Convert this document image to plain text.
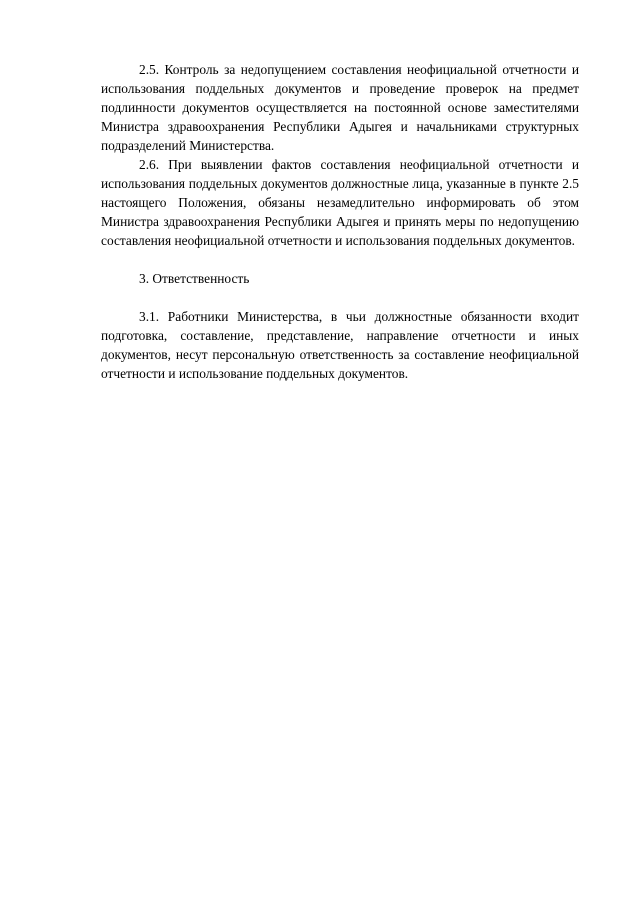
2.5. Контроль за недопущением составления неофициальной отчетности и использования поддельных документов и проведение проверок на предмет подлинности документов осуществляется на постоянной основе заместителями Министра здравоохранения Республики Адыгея и начальниками структурных подразделений Министерства.

2.6. При выявлении фактов составления неофициальной отчетности и использования поддельных документов должностные лица, указанные в пункте 2.5 настоящего Положения, обязаны незамедлительно информировать об этом Министра здравоохранения Республики Адыгея и принять меры по недопущению составления неофициальной отчетности и использования поддельных документов.

3. Ответственность

3.1. Работники Министерства, в чьи должностные обязанности входит подготовка, составление, представление, направление отчетности и иных документов, несут персональную ответственность за составление неофициальной отчетности и использование поддельных документов.
